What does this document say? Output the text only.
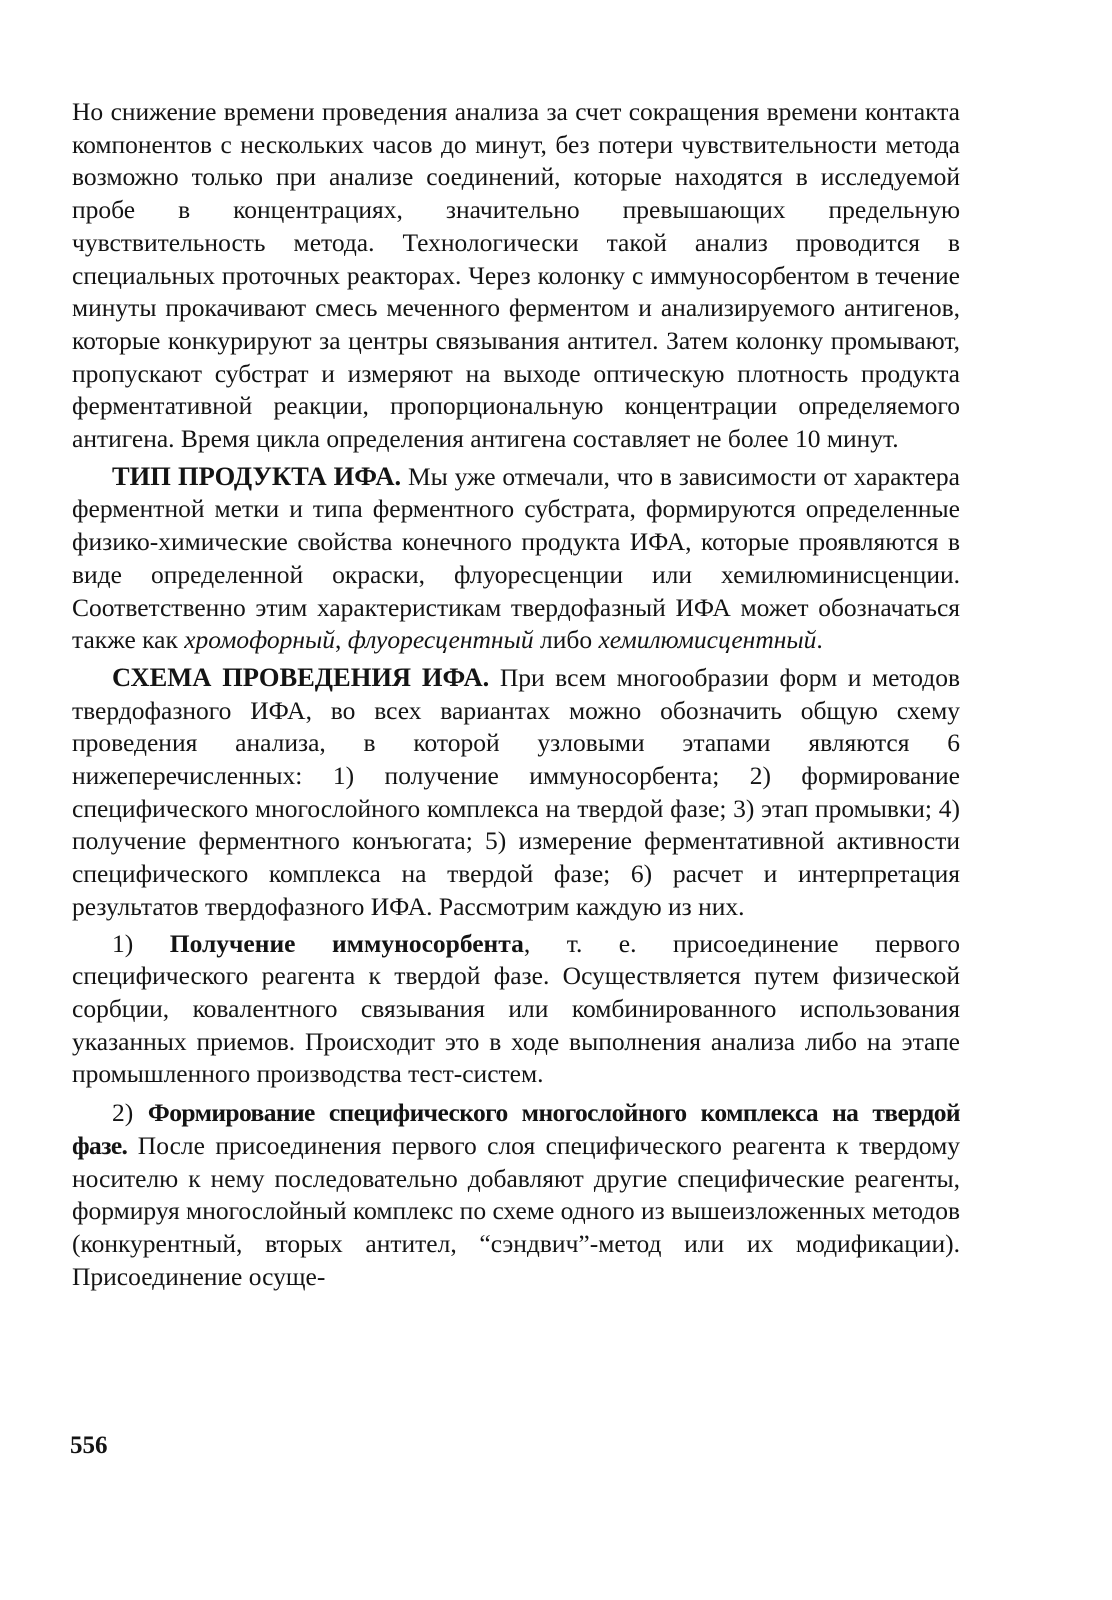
Но снижение времени проведения анализа за счет сокращения времени контакта компонентов с нескольких часов до минут, без потери чувствительности метода возможно только при анализе соединений, которые находятся в исследуемой пробе в концентрациях, значительно превышающих предельную чувствительность метода. Технологически такой анализ проводится в специальных проточных реакторах. Через колонку с иммуносорбентом в течение минуты прокачивают смесь меченного ферментом и анализируемого антигенов, которые конкурируют за центры связывания антител. Затем колонку промывают, пропускают субстрат и измеряют на выходе оптическую плотность продукта ферментативной реакции, пропорциональную концентрации определяемого антигена. Время цикла определения антигена составляет не более 10 минут.

ТИП ПРОДУКТА ИФА. Мы уже отмечали, что в зависимости от характера ферментной метки и типа ферментного субстрата, формируются определенные физико-химические свойства конечного продукта ИФА, которые проявляются в виде определенной окраски, флуоресценции или хемилюминисценции. Соответственно этим характеристикам твердофазный ИФА может обозначаться также как хромофорный, флуоресцентный либо хемилюмисцентный.

СХЕМА ПРОВЕДЕНИЯ ИФА. При всем многообразии форм и методов твердофазного ИФА, во всех вариантах можно обозначить общую схему проведения анализа, в которой узловыми этапами являются 6 нижеперечисленных: 1) получение иммуносорбента; 2) формирование специфического многослойного комплекса на твердой фазе; 3) этап промывки; 4) получение ферментного конъюгата; 5) измерение ферментативной активности специфического комплекса на твердой фазе; 6) расчет и интерпретация результатов твердофазного ИФА. Рассмотрим каждую из них.

1) Получение иммуносорбента, т. е. присоединение первого специфического реагента к твердой фазе. Осуществляется путем физической сорбции, ковалентного связывания или комбинированного использования указанных приемов. Происходит это в ходе выполнения анализа либо на этапе промышленного производства тест-систем.

2) Формирование специфического многослойного комплекса на твердой фазе. После присоединения первого слоя специфического реагента к твердому носителю к нему последовательно добавляют другие специфические реагенты, формируя многослойный комплекс по схеме одного из вышеизложенных методов (конкурентный, вторых антител, “сэндвич”-метод или их модификации). Присоединение осуще-

556
